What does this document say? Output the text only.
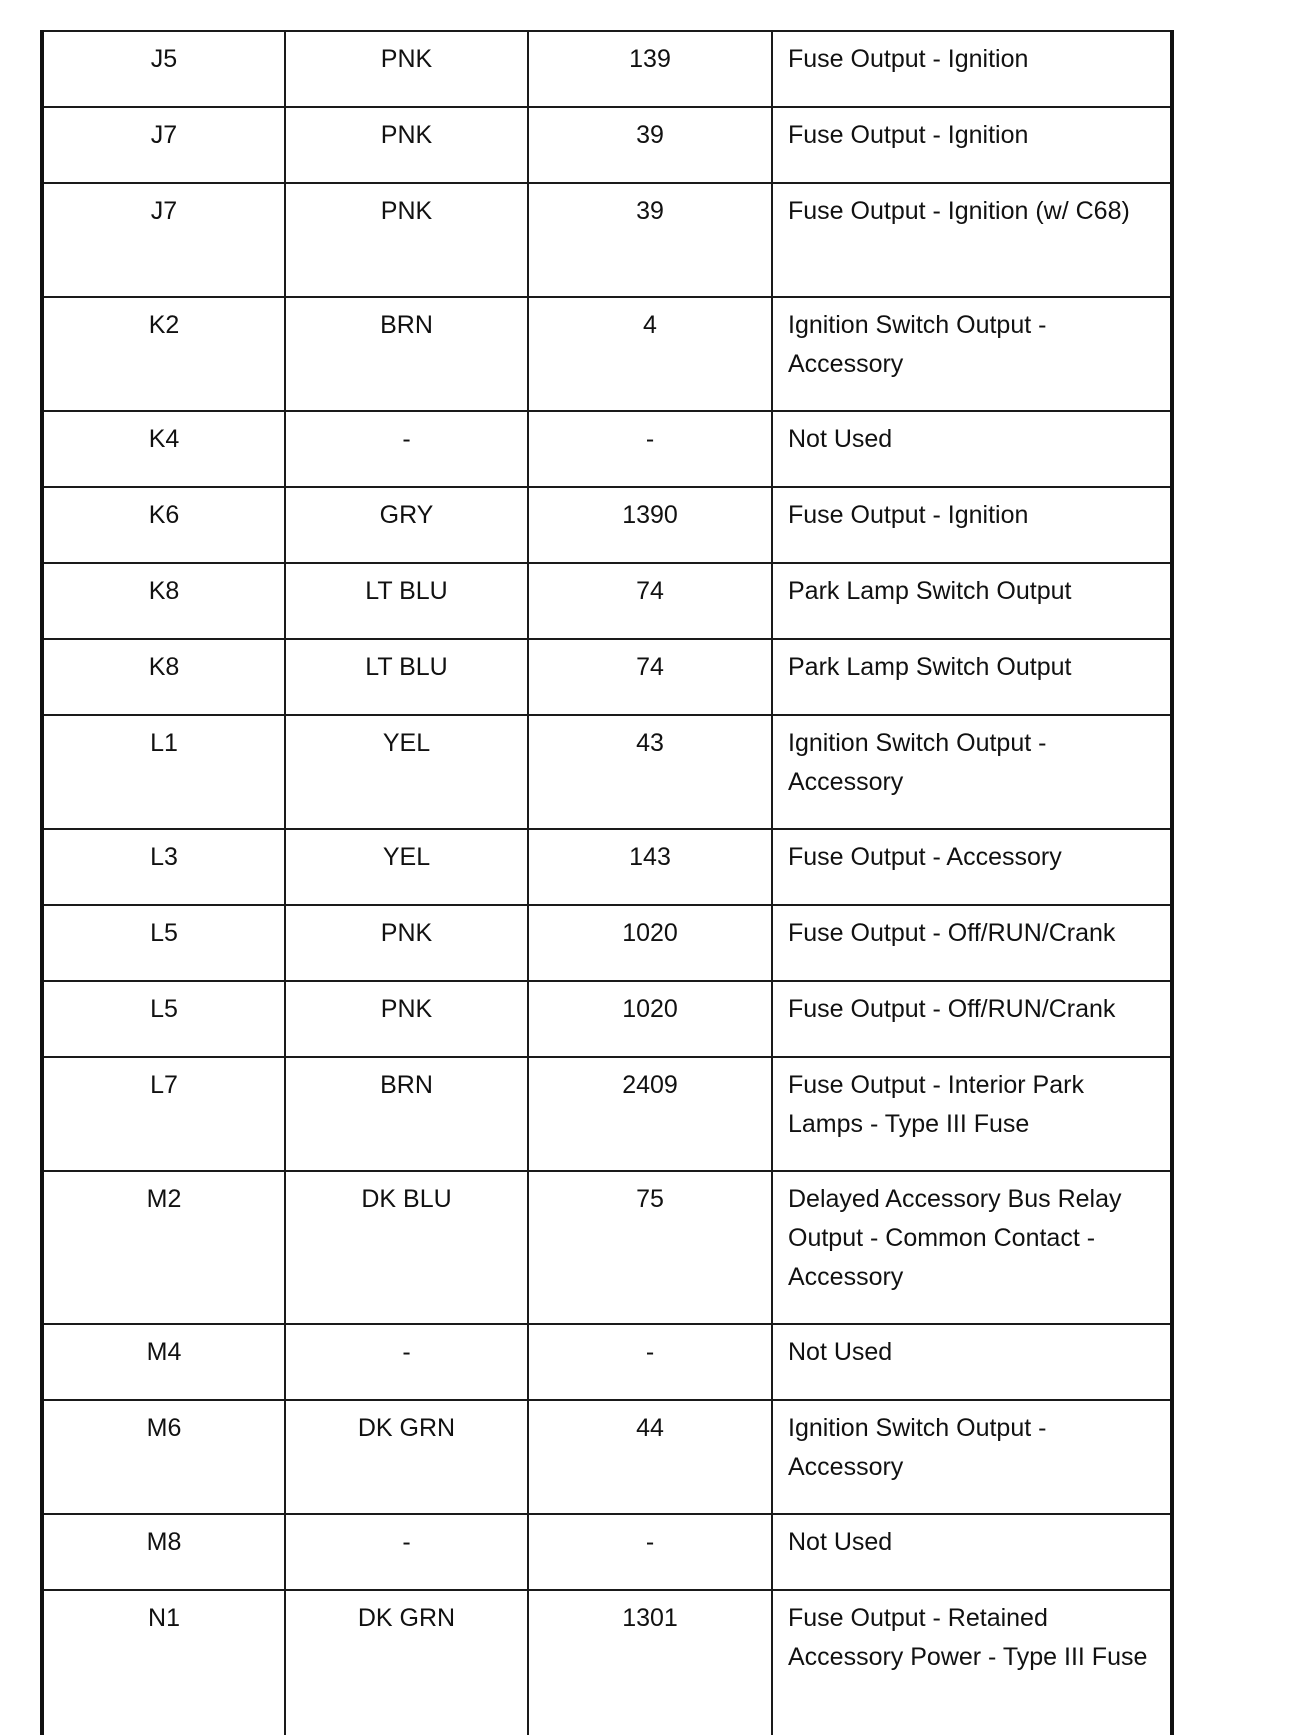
J5	PNK	139	Fuse Output - Ignition
J7	PNK	39	Fuse Output - Ignition
J7	PNK	39	Fuse Output - Ignition (w/ C68)
K2	BRN	4	Ignition Switch Output - Accessory
K4	-	-	Not Used
K6	GRY	1390	Fuse Output - Ignition
K8	LT BLU	74	Park Lamp Switch Output
K8	LT BLU	74	Park Lamp Switch Output
L1	YEL	43	Ignition Switch Output - Accessory
L3	YEL	143	Fuse Output - Accessory
L5	PNK	1020	Fuse Output - Off/RUN/Crank
L5	PNK	1020	Fuse Output - Off/RUN/Crank
L7	BRN	2409	Fuse Output - Interior Park Lamps - Type III Fuse
M2	DK BLU	75	Delayed Accessory Bus Relay Output - Common Contact - Accessory
M4	-	-	Not Used
M6	DK GRN	44	Ignition Switch Output - Accessory
M8	-	-	Not Used
N1	DK GRN	1301	Fuse Output - Retained Accessory Power - Type III Fuse
